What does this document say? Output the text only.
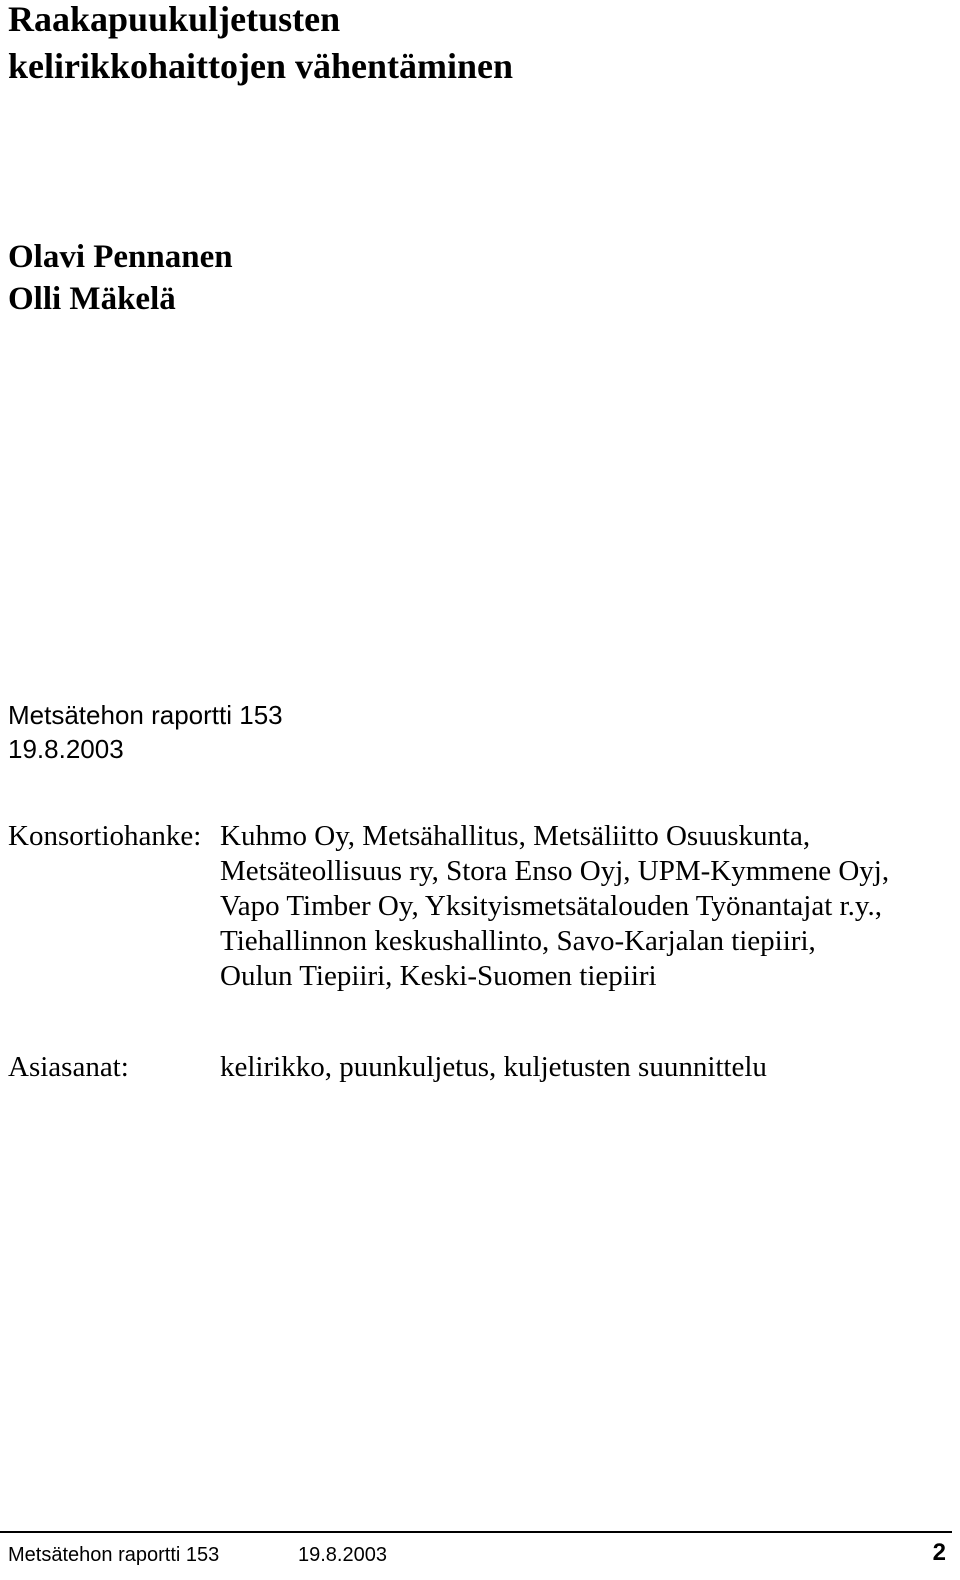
Raakapuukuljetusten
kelirikkohaittojen vähentäminen
Olavi Pennanen
Olli Mäkelä
Metsätehon raportti 153
19.8.2003
Konsortiohanke: Kuhmo Oy, Metsähallitus, Metsäliitto Osuuskunta,
Metsäteollisuus ry, Stora Enso Oyj, UPM-Kymmene Oyj,
Vapo Timber Oy, Yksityismetsätalouden Työnantajat r.y.,
Tiehallinnon keskushallinto, Savo-Karjalan tiepiiri,
Oulun Tiepiiri, Keski-Suomen tiepiiri
Asiasanat:	kelirikko, puunkuljetus, kuljetusten suunnittelu
Metsätehon raportti 153	19.8.2003	2
